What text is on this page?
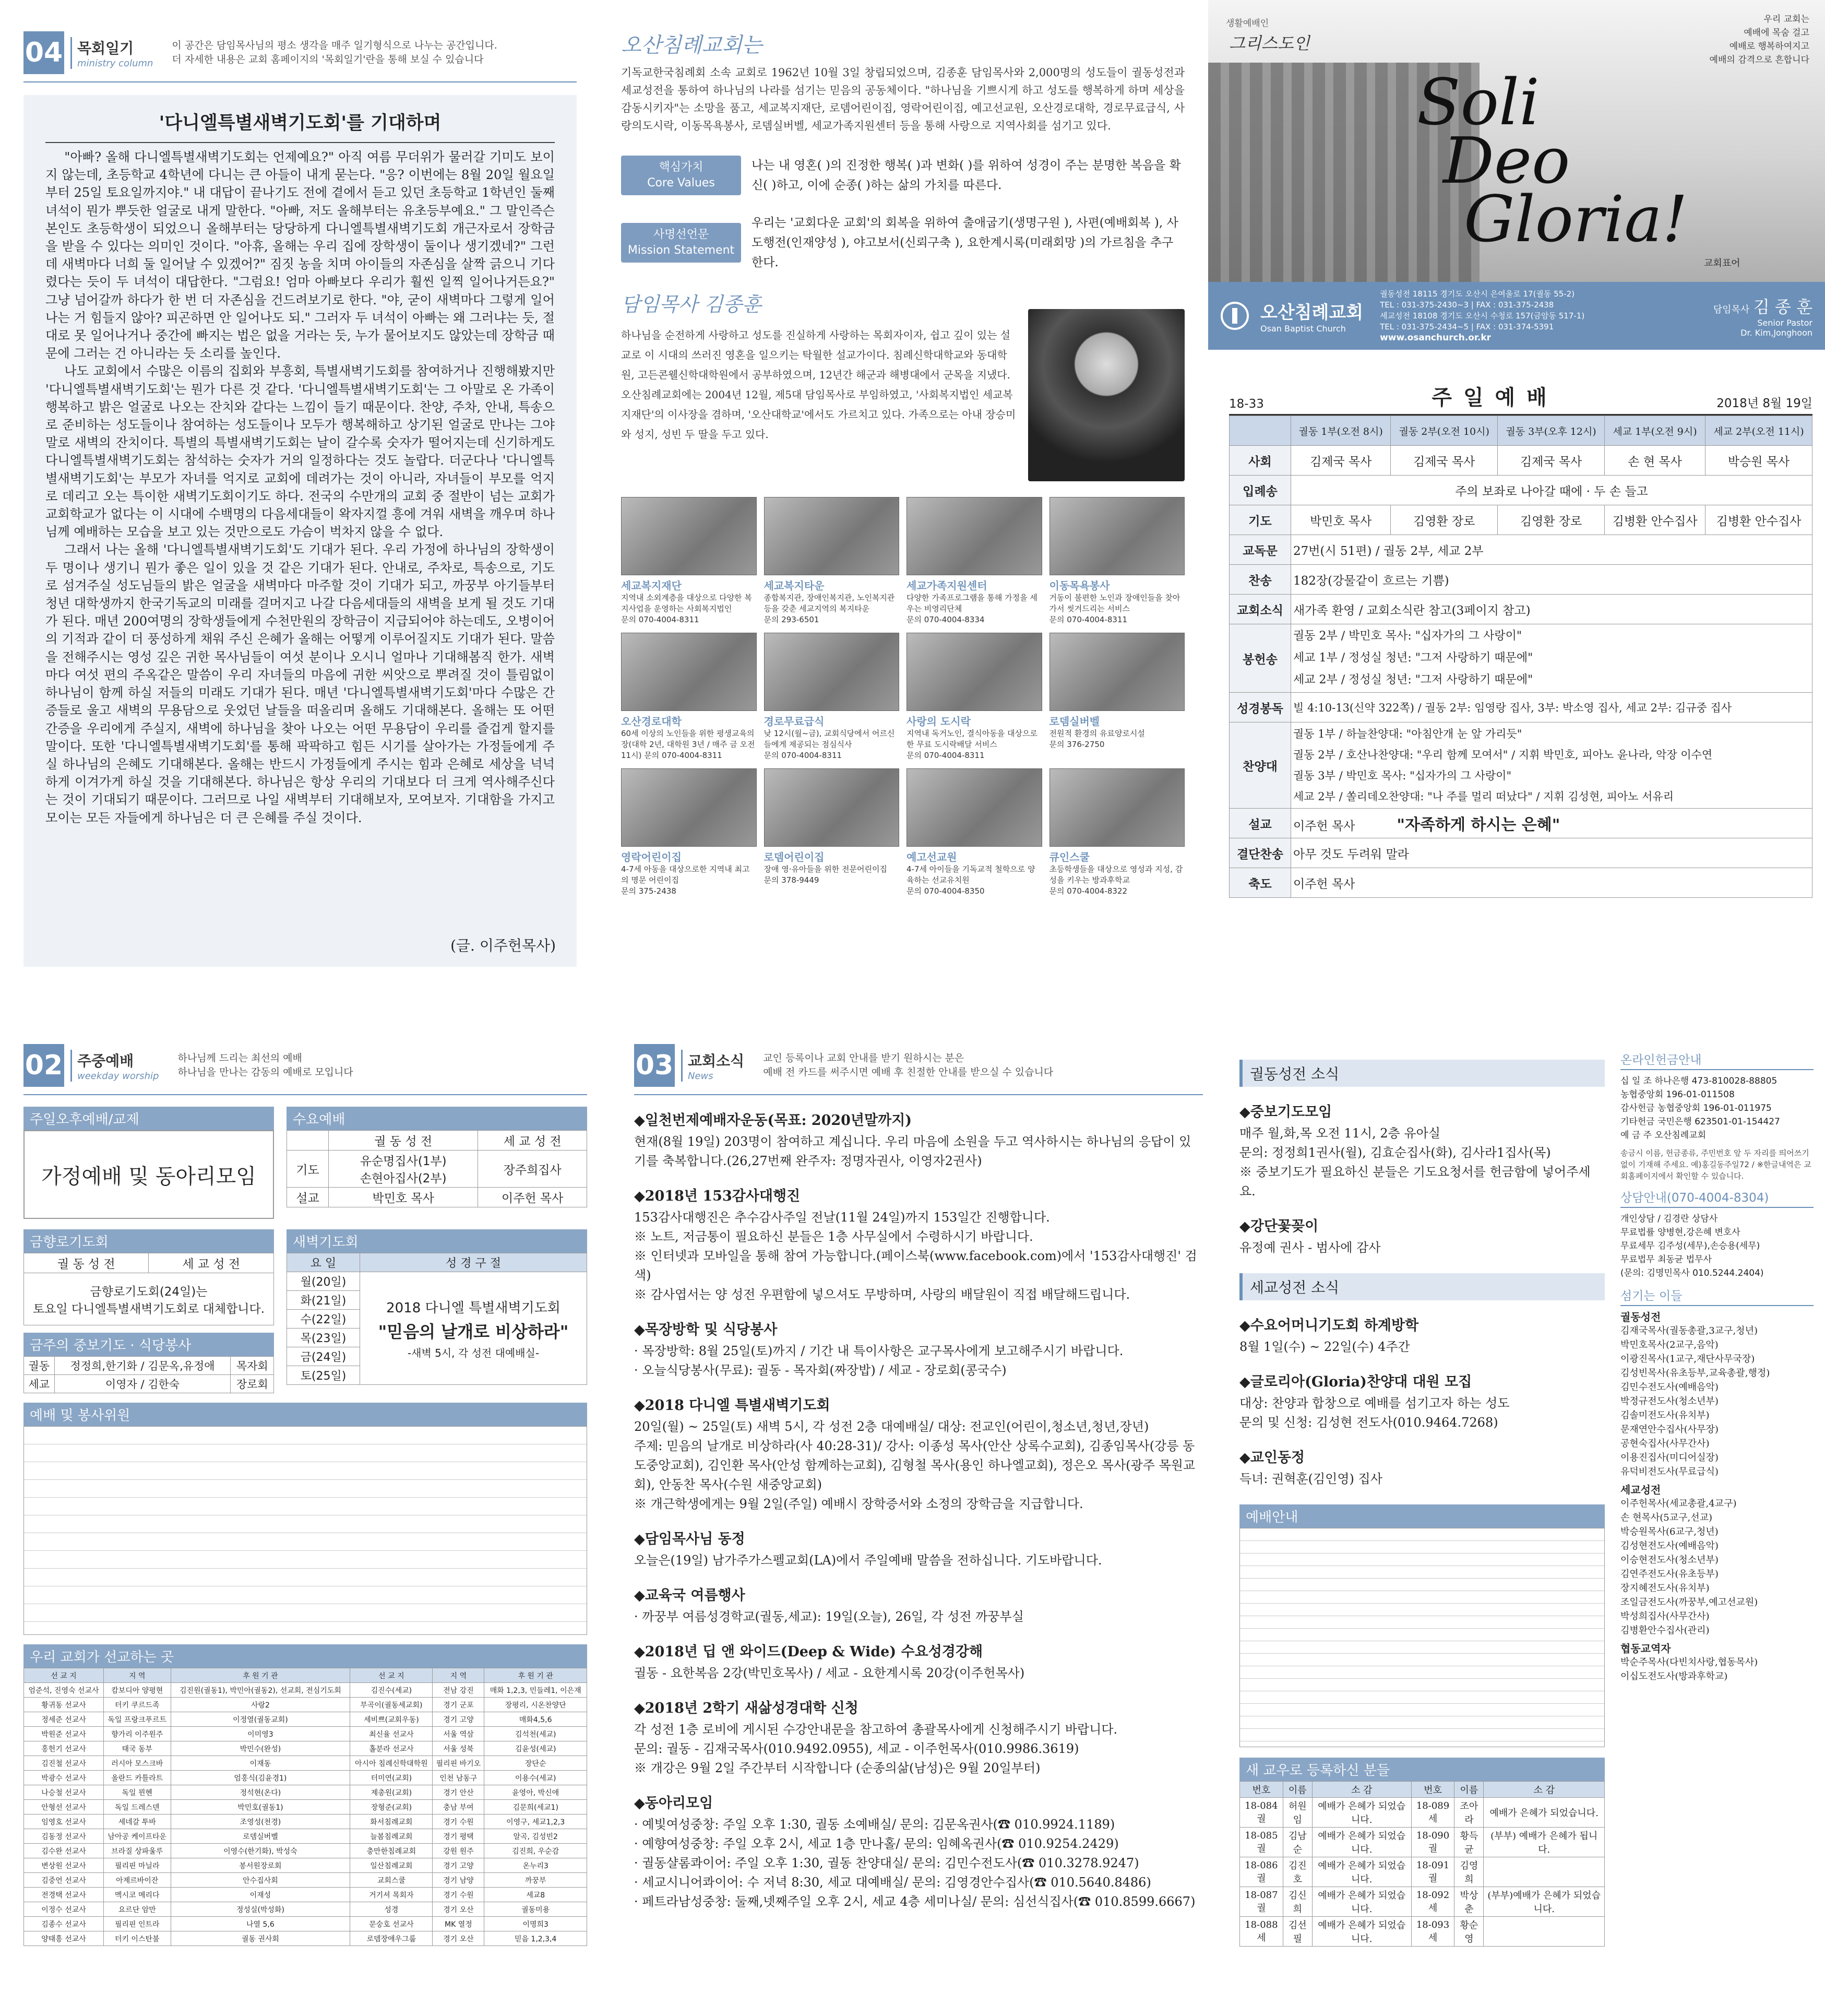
04 목회일기
ministry column
이 공간은 담임목사님의 평소 생각을 매주 일기형식으로 나누는 공간입니다.
더 자세한 내용은 교회 홈페이지의 '목회일기'란을 통해 보실 수 있습니다
'다니엘특별새벽기도회'를 기대하며

"아빠? 올해 다니엘특별새벽기도회는 언제예요?" 아직 여름 무더위가 물러갈 기미도 보이지 않는데, 초등학교 4학년에 다니는 큰 아들이 내게 묻는다. "응? 이번에는 8월 20일 월요일부터 25일 토요일까지야." 내 대답이 끝나기도 전에 곁에서 듣고 있던 초등학교 1학년인 둘째 녀석이 뭔가 뿌듯한 얼굴로 내게 말한다. "아빠, 저도 올해부터는 유초등부예요." 그 말인즉슨 본인도 초등학생이 되었으니 올해부터는 당당하게 다니엘특별새벽기도회 개근자로서 장학금을 받을 수 있다는 의미인 것이다. "아휴, 올해는 우리 집에 장학생이 둘이나 생기겠네?" 그런데 새벽마다 너희 둘 일어날 수 있겠어?" 짐짓 농을 치며 아이들의 자존심을 살짝 긁으니 기다렸다는 듯이 두 녀석이 대답한다. "그럼요! 엄마 아빠보다 우리가 훨씬 일찍 일어나거든요?" 그냥 넘어갈까 하다가 한 번 더 자존심을 건드려보기로 한다. "야, 굳이 새벽마다 그렇게 일어나는 거 힘들지 않아? 피곤하면 안 일어나도 되." 그러자 두 녀석이 아빠는 왜 그러냐는 듯, 절대로 못 일어나거나 중간에 빠지는 법은 없을 거라는 듯, 누가 물어보지도 않았는데 장학금 때문에 그러는 건 아니라는 듯 소리를 높인다.

나도 교회에서 수많은 이름의 집회와 부흥회, 특별새벽기도회를 참여하거나 진행해봤지만 '다니엘특별새벽기도회'는 뭔가 다른 것 같다. '다니엘특별새벽기도회'는 그 아말로 온 가족이 행복하고 밝은 얼굴로 나오는 잔치와 같다는 느낌이 들기 때문이다. 찬양, 주차, 안내, 특송으로 준비하는 성도들이나 참여하는 성도들이나 모두가 행복해하고 상기된 얼굴로 만나는 그야말로 새벽의 잔치이다. 특별의 특별새벽기도회는 날이 갈수록 숫자가 떨어지는데 신기하게도 다니엘특별새벽기도회는 참석하는 숫자가 거의 일정하다는 것도 놀랍다. 더군다나 '다니엘특별새벽기도회'는 부모가 자녀를 억지로 교회에 데려가는 것이 아니라, 자녀들이 부모를 억지로 데리고 오는 특이한 새벽기도회이기도 하다. 전국의 수만개의 교회 중 절반이 넘는 교회가 교회학교가 없다는 이 시대에 수백명의 다음세대들이 왁자지껄 흥에 겨워 새벽을 깨우며 하나님께 예배하는 모습을 보고 있는 것만으로도 가슴이 벅차지 않을 수 없다.

그래서 나는 올해 '다니엘특별새벽기도회'도 기대가 된다. 우리 가정에 하나님의 장학생이 두 명이나 생기니 뭔가 좋은 일이 있을 것 같은 기대가 된다. 안내로, 주차로, 특송으로, 기도로 섬겨주실 성도님들의 밝은 얼굴을 새벽마다 마주할 것이 기대가 되고, 까꿍부 아기들부터 청년 대학생까지 한국기독교의 미래를 걸머지고 나갈 다음세대들의 새벽을 보게 될 것도 기대가 된다. 매년 200여명의 장학생들에게 수천만원의 장학금이 지급되어야 하는데도, 오병이어의 기적과 같이 더 풍성하게 채워 주신 은혜가 올해는 어떻게 이루어질지도 기대가 된다. 말씀을 전해주시는 영성 깊은 귀한 목사님들이 여섯 분이나 오시니 얼마나 기대해봄직 한가. 새벽마다 여섯 편의 주옥같은 말씀이 우리 자녀들의 마음에 귀한 씨앗으로 뿌려질 것이 틀림없이 하나님이 함께 하실 저들의 미래도 기대가 된다. 매년 '다니엘특별새벽기도회'마다 수많은 간증들로 울고 새벽의 무용담으로 웃었던 날들을 떠올리며 올해도 기대해본다. 올해는 또 어떤 간증을 우리에게 주실지, 새벽에 하나님을 찾아 나오는 어떤 무용담이 우리를 즐겁게 할지를 말이다. 또한 '다니엘특별새벽기도회'를 통해 팍팍하고 힘든 시기를 살아가는 가정들에게 주실 하나님의 은혜도 기대해본다. 올해는 반드시 가정들에게 주시는 힘과 은혜로 세상을 넉넉하게 이겨가게 하실 것을 기대해본다. 하나님은 항상 우리의 기대보다 더 크게 역사해주신다는 것이 기대되기 때문이다. 그러므로 나일 새벽부터 기대해보자, 모여보자. 기대함을 가지고 모이는 모든 자들에게 하나님은 더 큰 은혜를 주실 것이다.

(글. 이주헌목사)
오산침례교회는

기독교한국침례회 소속 교회로 1962년 10월 3일 창립되었으며, 김종훈 담임목사와 2,000명의 성도들이 궐동성전과 세교성전을 통하여 하나님의 나라를 섬기는 믿음의 공동체이다. "하나님을 기쁘시게 하고 성도를 행복하게 하며 세상을 감동시키자"는 소망을 품고, 세교복지재단, 로뎀어린이집, 영락어린이집, 예고선교원, 오산경로대학, 경로무료급식, 사랑의도시락, 이동목욕봉사, 로뎀실버벨, 세교가족지원센터 등을 통해 사랑으로 지역사회를 섬기고 있다.

핵심가치
Core Values
나는 내 영혼( )의 진정한 행복( )과 변화( )를 위하여 성경이 주는 분명한 복음을 확신( )하고, 이에 순종( )하는 삶의 가치를 따른다.
사명선언문
Mission Statement
우리는 '교회다운 교회'의 회복을 위하여 출애굽기(생명구원 ), 사편(예배회복 ), 사도행전(인재양성 ), 야고보서(신뢰구축 ), 요한계시록(미래회망 )의 가르침을 추구한다.
담임목사 김종훈

하나님을 순전하게 사랑하고 성도를 진실하게 사랑하는 목회자이자, 쉽고 깊이 있는 설교로 이 시대의 쓰러진 영혼을 일으키는 탁월한 설교가이다. 침례신학대학교와 동대학원, 고든콘웰신학대학원에서 공부하였으며, 12년간 해군과 해병대에서 군목을 지냈다. 오산침례교회에는 2004년 12월, 제5대 담임목사로 부임하였고, '사회복지법인 세교복지재단'의 이사장을 겸하며, '오산대학교'에서도 가르치고 있다. 가족으로는 아내 장승미와 성지, 성빈 두 딸을 두고 있다.

세교복지재단
지역내 소외계층을 대상으로 다양한 복지사업을 운영하는 사회복지법인
문의 070-4004-8311
세교복지타운
종합복지관, 장애인복지관, 노인복지관 등을 갖춘 세교지역의 복지타운
문의 293-6501
세교가족지원센터
다양한 가족프로그램을 통해 가정을 세우는 비영리단체
문의 070-4004-8334
이동목욕봉사
거동이 불편한 노인과 장애인들을 찾아가서 씻겨드리는 서비스
문의 070-4004-8311
오산경로대학
60세 이상의 노인들을 위한 평생교육의 장(대학 2년, 대학원 3년 / 매주 금 오전 11시) 문의 070-4004-8311
경로무료급식
낮 12시(월~금), 교회식당에서 어르신들에게 제공되는 점심식사
문의 070-4004-8311
사랑의 도시락
지역내 독거노인, 결식아동을 대상으로 한 무료 도시락배달 서비스
문의 070-4004-8311
로뎀실버벨
전원적 환경의 유료양로시설
문의 376-2750
영락어린이집
4-7세 아동을 대상으로한 지역내 최고의 명문 어린이집
문의 375-2438
로뎀어린이집
장애 영·유아들을 위한 전문어린이집
문의 378-9449
예고선교원
4-7세 아이들을 기독교적 철학으로 양육하는 선교유치원
문의 070-4004-8350
큐인스쿨
초등학생들을 대상으로 영성과 지성, 감성을 키우는 방과후학교
문의 070-4004-8322
생활예배인
그리스도인
우리 교회는
예배에 목숨 걸고
예배로 행복하여지고
예배의 감격으로 흔합니다
Soli
Deo
Gloria!
교회표어
오산침례교회
Osan Baptist Church
궐동성전 18115 경기도 오산시 은여울로 17(궐동 55-2)
TEL : 031-375-2430~3 | FAX : 031-375-2438
세교성전 18108 경기도 오산시 수청로 157(금암동 517-1)
TEL : 031-375-2434~5 | FAX : 031-374-5391
www.osanchurch.or.kr
담임목사 김 종 훈
Senior Pastor
Dr. Kim,Jonghoon
18-33	주 일 예 배	2018년 8월 19일
	궐동 1부(오전 8시)	궐동 2부(오전 10시)	궐동 3부(오후 12시)	세교 1부(오전 9시)	세교 2부(오전 11시)
사회	김제국 목사	김제국 목사	김제국 목사	손 현 목사	박승원 목사
입례송	주의 보좌로 나아갈 때에 · 두 손 들고				
기도	박민호 목사	김영환 장로	김영환 장로	김병환 안수집사	김병환 안수집사
교독문	27번(시 51편) / 궐동 2부, 세교 2부				
찬송	182장(강물같이 흐르는 기쁨)				
교회소식	새가족 환영 / 교회소식란 참고(3페이지 참고)				
봉헌송	궐동 2부 / 박민호 목사: "십자가의 그 사랑이"
세교 1부 / 정성실 청년: "그저 사랑하기 때문에"
세교 2부 / 정성실 청년: "그저 사랑하기 때문에"				

성경봉독	빌 4:10-13(신약 322쪽) / 궐동 2부: 임영랑 집사, 3부: 박소영 집사, 세교 2부: 김규중 집사				
찬양대	궐동 1부 / 하늘찬양대: "아침안개 눈 앞 가리듯"
궐동 2부 / 호산나찬양대: "우리 함께 모여서" / 지휘 박민호, 피아노 윤나라, 악장 이수연
궐동 3부 / 박민호 목사: "십자가의 그 사랑이"
세교 2부 / 쏠리데오찬양대: "나 주를 멀리 떠났다" / 지휘 김성현, 피아노 서유리				

설교	이주헌 목사 "자족하게 하시는 은혜"				
결단찬송	아무 것도 두려워 말라				
축도	이주헌 목사				
02 주중예배
weekday worship
하나님께 드리는 최선의 예배
하나님을 만나는 감동의 예배로 모입니다
주일오후예배/교제
가정예배 및 동아리모임
수요예배
	궐 동 성 전	세 교 성 전
기도	유순명집사(1부)
손현아집사(2부)	장주희집사
설교	박민호 목사	이주헌 목사
금향로기도회
궐 동 성 전	세 교 성 전
금향로기도회(24일)는
토요일 다니엘특별새벽기도회로 대체합니다.
금주의 중보기도 · 식당봉사
궐동	정정희,한기화 / 김문옥,유정애	목자회
세교	이영자 / 김한숙	장로회
새벽기도회
요 일	성 경 구 절
월(20일)	2018 다니엘 특별새벽기도회
"믿음의 날개로 비상하라"
-새벽 5시, 각 성전 대예배실-

화(21일)	
수(22일)	
목(23일)	
금(24일)	
토(25일)	
예배 및 봉사위원
우리 교회가 선교하는 곳
선 교 지	지 역	후 원 기 관	선 교 지	지 역	후 원 기 관
엄준석, 진영숙 선교사	캄보디아 양평현	김진원(궐동1), 박민아(궐동2), 선교회, 전심기도회	김진수(세교)	전남 강진	매화 1,2,3, 민들레1, 이은재
황귀동 선교사	터키 쿠르드족	사랑2	부곡이(궐동세교회)	경기 군포	장평리, 시온찬양단
정세준 선교사	독일 프랑크푸르트	이정열(궐동교회)	세비쁘(교회우동)	경기 고양	매화4,5,6
박원준 선교사	향가리 이주원주	이미영3	최신율 선교사	서울 역삼	김석천(세교)
홍헌기 선교사	태국 동부	박민수(완성)	홀분라 선교사	서울 성북	김윤성(세교)
김진철 선교사	러시아 모스크바	이재동	아시아 침례신학대학원	필리핀 바기오	장단순
박광수 선교사	올란드 카틀라트	엄홍식(김윤경1)	터미연(교회)	인천 남동구	이용수(세교)
나승철 선교사	독일 뮌헨	정석현(온다)	제총원(교회)	경기 안산	윤영아, 박신애
안형선 선교사	독일 드레스덴	박민호(궐동1)	장형준(교회)	충남 부여	김문희(세교1)
임영호 선교사	세네갈 투바	조영성(천경)	화서침례교회	경기 수원	이영구, 세교1,2,3
김동정 선교사	남아공 케이프타운	로뎀실버벨	늘봄침례교회	경기 평택	알곡, 김성빈2
김수완 선교사	브라질 상파울루	이영수(한기화), 박성숙	충만한침례교회	강원 원주	김진희, 우순감
변상원 선교사	필리핀 마닐라	봉서원장로회	일산침례교회	경기 고양	온누리3
김중언 선교사	아제르바이잔	안수집사회	교회스쿨	경기 남양	까꿍부
전경택 선교사	멕시코 메리다	이재성	거기셔 목회자	경기 수원	세교8
이정수 선교사	요르단 암만	정성실(박성화)	성경	경기 오산	궐동미용
김종수 선교사	필리핀 인트라	나열 5,6	문숭호 선교사	MK 열정	이명희3
양태흥 선교사	터키 이스탄불	궐동 권사회	로뎀장애우그룹	경기 오산	믿음 1,2,3,4
03 교회소식
News
교인 등록이나 교회 안내를 받기 원하시는 분은
예배 전 카드를 써주시면 예배 후 친절한 안내를 받으실 수 있습니다
◆일천번제예배자운동(목표: 2020년말까지)
현재(8월 19일) 203명이 참여하고 계십니다. 우리 마음에 소원을 두고 역사하시는 하나님의 응답이 있기를 축복합니다.(26,27번째 완주자: 정명자권사, 이영자2권사)
◆2018년 153감사대행진
153감사대행진은 추수감사주일 전날(11월 24일)까지 153일간 진행합니다.
※ 노트, 저금통이 필요하신 분들은 1층 사무실에서 수령하시기 바랍니다.
※ 인터넷과 모바일을 통해 참여 가능합니다.(페이스북(www.facebook.com)에서 '153감사대행진' 검색)
※ 감사엽서는 양 성전 우편함에 넣으셔도 무방하며, 사랑의 배달원이 직접 배달해드립니다.
◆목장방학 및 식당봉사
· 목장방학: 8월 25일(토)까지 / 기간 내 특이사항은 교구목사에게 보고해주시기 바랍니다.
· 오늘식당봉사(무료): 궐동 - 목자회(짜장밥) / 세교 - 장로회(콩국수)
◆2018 다니엘 특별새벽기도회
20일(월) ~ 25일(토) 새벽 5시, 각 성전 2층 대예배실/ 대상: 전교인(어린이,청소년,청년,장년)
주제: 믿음의 날개로 비상하라(사 40:28-31)/ 강사: 이종성 목사(안산 상록수교회), 김종임목사(강릉 동도중앙교회), 김인환 목사(안성 함께하는교회), 김형철 목사(용인 하나엘교회), 정은오 목사(광주 목원교회), 안동찬 목사(수원 새중앙교회)
※ 개근학생에게는 9월 2일(주일) 예배시 장학증서와 소정의 장학금을 지급합니다.
◆담임목사님 동정
오늘은(19일) 남가주가스펠교회(LA)에서 주일예배 말씀을 전하십니다. 기도바랍니다.
◆교육국 여름행사
· 까꿍부 여름성경학교(궐동,세교): 19일(오늘), 26일, 각 성전 까꿍부실
◆2018년 딥 앤 와이드(Deep & Wide) 수요성경강해
궐동 - 요한복음 2강(박민호목사) / 세교 - 요한계시록 20강(이주헌목사)
◆2018년 2학기 새삶성경대학 신청
각 성전 1층 로비에 게시된 수강안내문을 참고하여 총괄목사에게 신청해주시기 바랍니다.
문의: 궐동 - 김재국목사(010.9492.0955), 세교 - 이주헌목사(010.9986.3619)
※ 개강은 9월 2일 주간부터 시작합니다 (순종의삶(남성)은 9월 20일부터)
◆동아리모임
· 예빛여성중창: 주일 오후 1:30, 궐동 소예배실/ 문의: 김문옥권사(☎ 010.9924.1189)
· 예향여성중창: 주일 오후 2시, 세교 1층 만나홀/ 문의: 임혜옥권사(☎ 010.9254.2429)
· 궐동샬롬콰이어: 주일 오후 1:30, 궐동 찬양대실/ 문의: 김민수전도사(☎ 010.3278.9247)
· 세교시니어콰이어: 수 저녁 8:30, 세교 대예배실/ 문의: 김영경안수집사(☎ 010.5640.8486)
· 페트라남성중창: 둘째,넷째주일 오후 2시, 세교 4층 세미나실/ 문의: 심선식집사(☎ 010.8599.6667)
궐동성전 소식
◆중보기도모임
매주 월,화,목 오전 11시, 2층 유아실
문의: 정정희1권사(월), 김효순집사(화), 김사라1집사(목)
※ 중보기도가 필요하신 분들은 기도요청서를 헌금함에 넣어주세요.
◆강단꽃꽂이
유정예 권사 - 범사에 감사
세교성전 소식
◆수요어머니기도회 하계방학
8월 1일(수) ~ 22일(수) 4주간
◆글로리아(Gloria)찬양대 대원 모집
대상: 찬양과 합창으로 예배를 섬기고자 하는 성도
문의 및 신청: 김성현 전도사(010.9464.7268)
◆교인동정
득녀: 권혁훈(김인영) 집사
예배안내
새 교우로 등록하신 분들
번호	이름	소 감	번호	이름	소 감
18-084궐	허원임	예배가 은혜가 되었습니다.	18-089세	조아라	예배가 은혜가 되었습니다.
18-085궐	김남순	예배가 은혜가 되었습니다.	18-090궐	황득균	(부부) 예배가 은혜가 됩니다.
18-086궐	김진호	예배가 은혜가 되었습니다.	18-091궐	김영희	
18-087궐	김신희	예배가 은혜가 되었습니다.	18-092세	박상춘	(부부)예배가 은혜가 되었습니다.
18-088세	김선필	예배가 은혜가 되었습니다.	18-093세	황순영	
온라인헌금안내
십 일 조 하나은행 473-810028-88805
농협중앙회 196-01-011508
감사헌금 농협중앙회 196-01-011975
기타헌금 국민은행 623501-01-154427
예 금 주 오산침례교회
송금시 이름, 헌금종류, 주민번호 앞 두 자리를 띄어쓰기 없이 기재해 주세요. 예)홍길동주일72 / ※한글내역은 교회홈페이지에서 확인할 수 있습니다.
상담안내(070-4004-8304)
개인상담 / 김경란 상담사
무료법률 양병현,강은혜 변호사
무료세무 김주성(세무),손승용(세무)
무료법무 최동균 법무사
(문의: 김명민목사 010.5244.2404)
섬기는 이들
궐동성전
김재국목사(궐동총괄,3교구,청년)
박민호목사(2교구,음악)
이광진목사(1교구,재단사무국장)
김성빈목사(유초등부,교육총괄,행정)
김민수전도사(예배음악)
박정규전도사(청소년부)
김솔미전도사(유치부)
문재연안수집사(사무장)
공현숙집사(사무간사)
이용진집사(미디어실장)
유덕비전도사(무료급식)
세교성전
이주헌목사(세교총괄,4교구)
손 현목사(5교구,선교)
박승원목사(6교구,청년)
김성현전도사(예배음악)
이승현전도사(청소년부)
김연주전도사(유초등부)
장지혜전도사(유치부)
조일금전도사(까꿍부,예고선교원)
박성희집사(사무간사)
김병환안수집사(관리)
협동교역자
박순주목사(다빈치사랑,협동목사)
이십도전도사(방과후학교)
